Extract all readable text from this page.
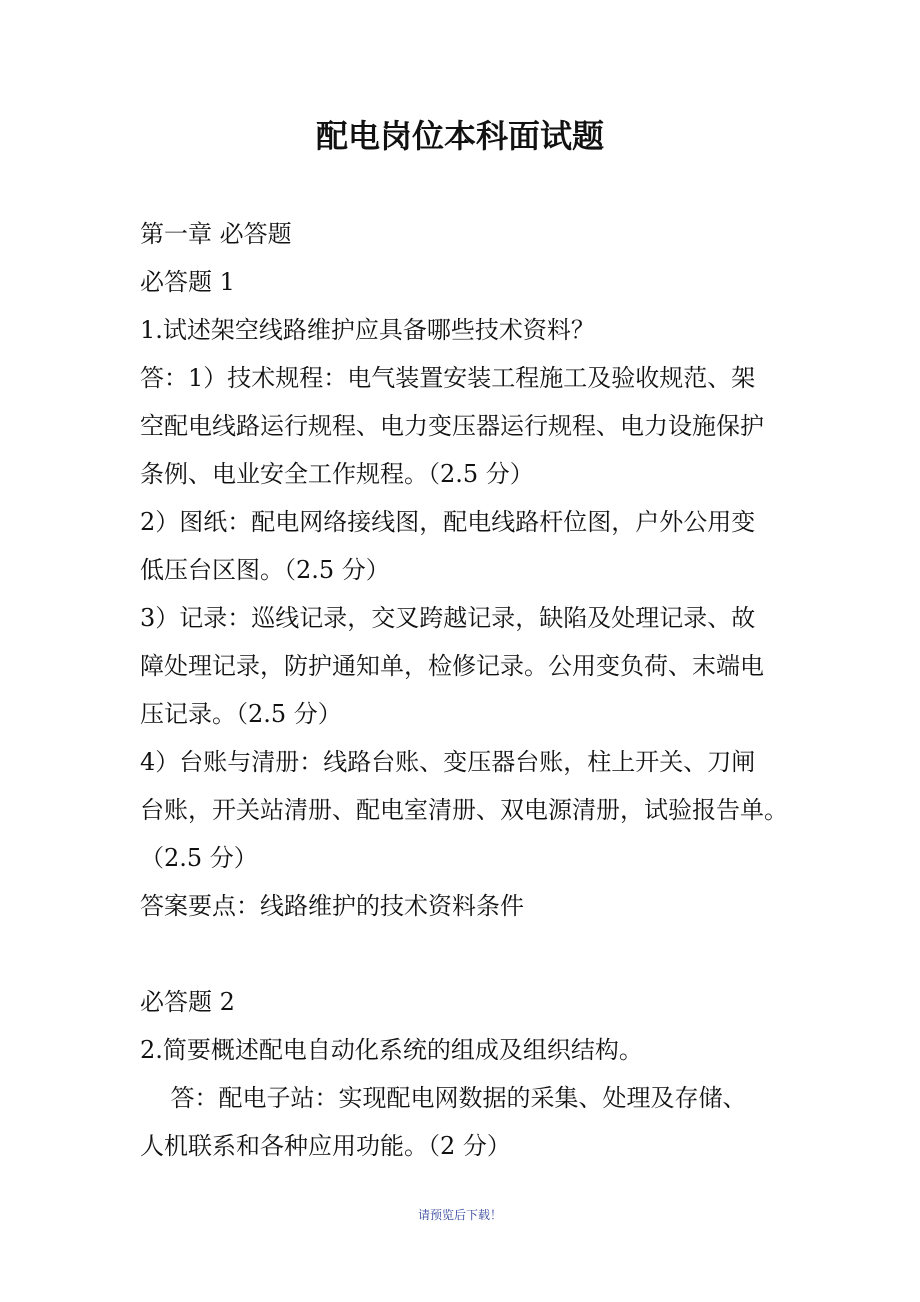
配电岗位本科面试题
第一章 必答题
必答题 1
1.试述架空线路维护应具备哪些技术资料？
答：1）技术规程：电气装置安装工程施工及验收规范、架
空配电线路运行规程、电力变压器运行规程、电力设施保护
条例、电业安全工作规程。（2.5 分）
2）图纸：配电网络接线图，配电线路杆位图，户外公用变
低压台区图。（2.5 分）
3）记录：巡线记录，交叉跨越记录，缺陷及处理记录、故
障处理记录，防护通知单，检修记录。公用变负荷、末端电
压记录。（2.5 分）
4）台账与清册：线路台账、变压器台账，柱上开关、刀闸
台账，开关站清册、配电室清册、双电源清册，试验报告单。
（2.5 分）
答案要点：线路维护的技术资料条件
必答题 2
2.简要概述配电自动化系统的组成及组织结构。
答：配电子站：实现配电网数据的采集、处理及存储、
人机联系和各种应用功能。（2 分）
请预览后下载！
